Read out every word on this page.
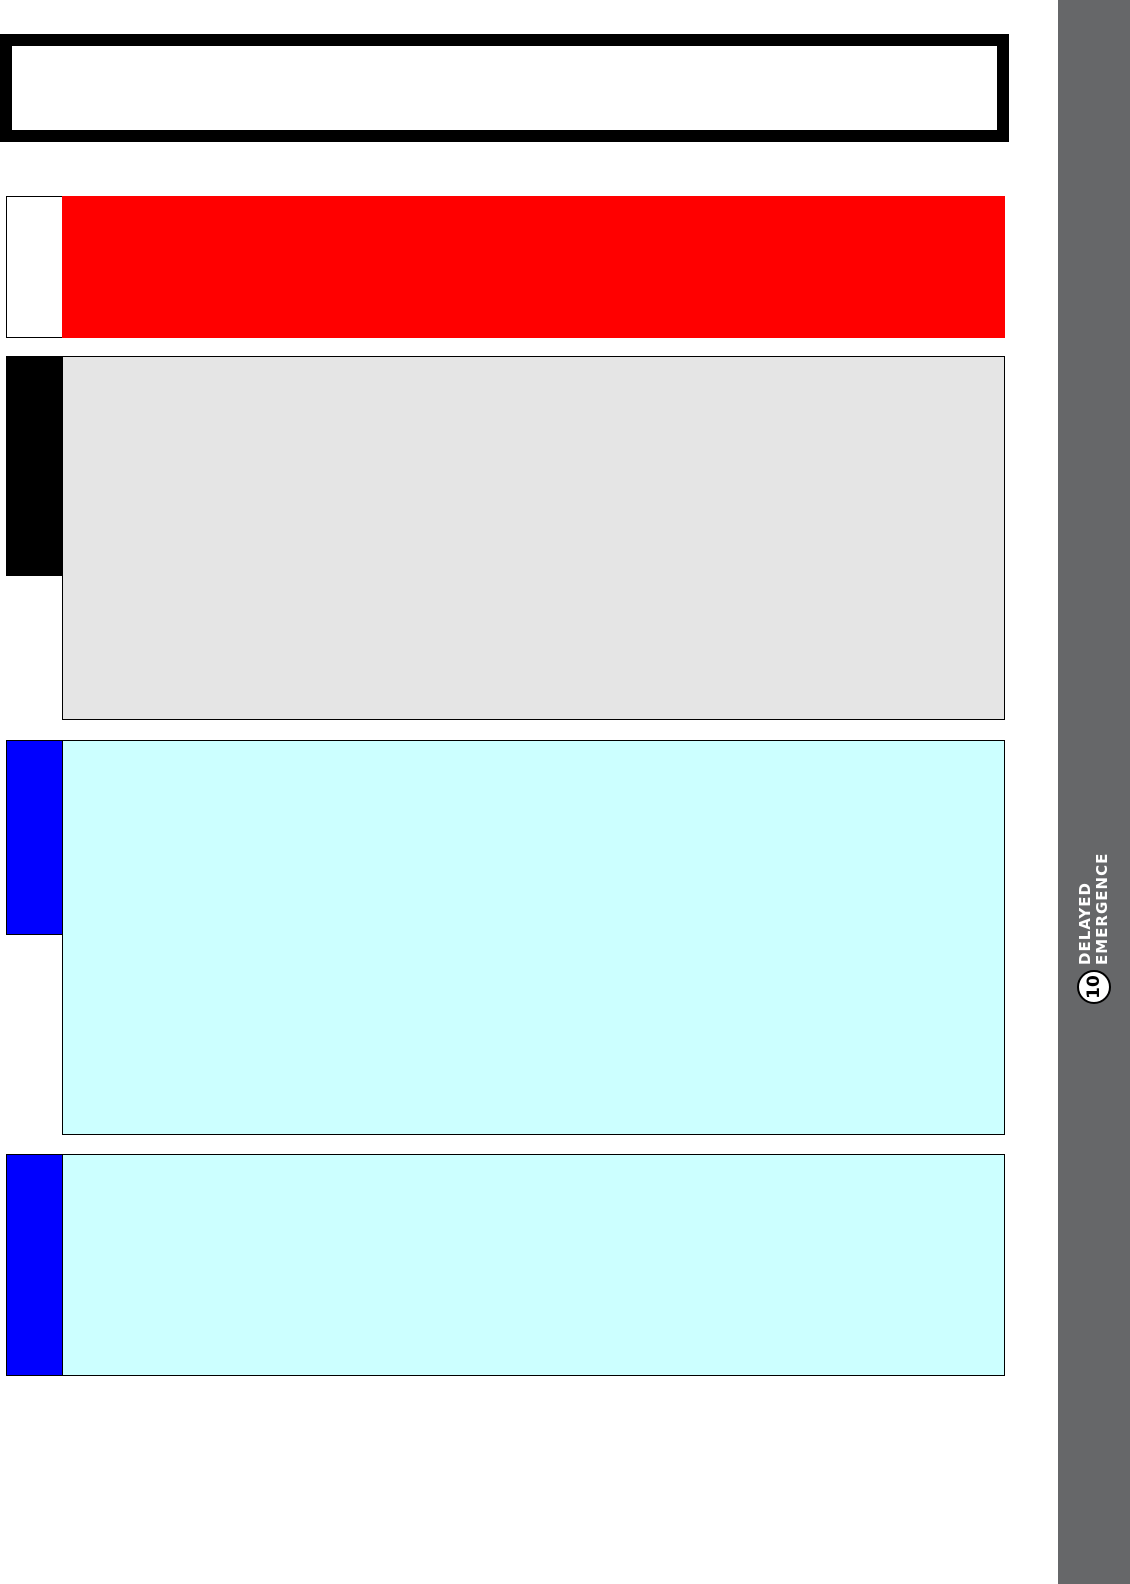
10
DELAYED EMERGENCE
